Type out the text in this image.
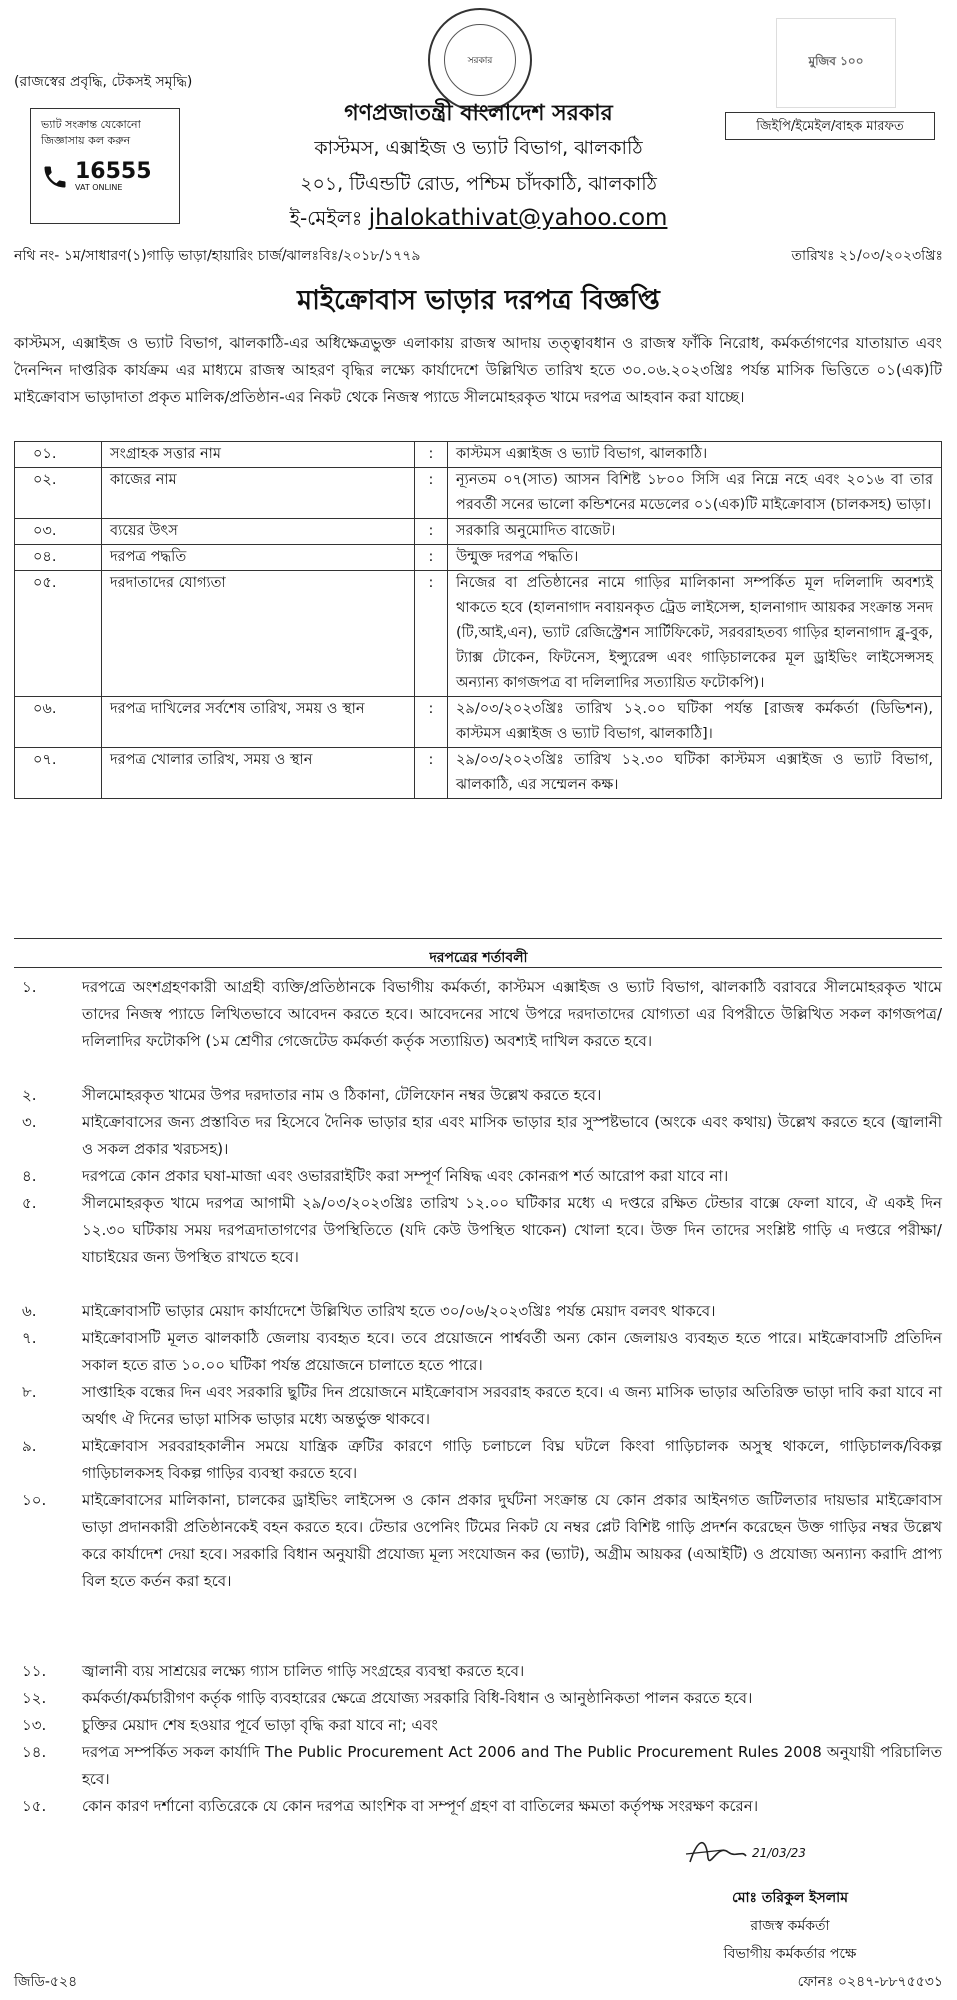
(রাজস্বের প্রবৃদ্ধি, টেকসই সমৃদ্ধি)
ভ্যাট সংক্রান্ত যেকোনো
জিজ্ঞাসায় কল করুন
16555
VAT ONLINE
সরকার	মুজিব ১০০
জিইপি/ইমেইল/বাহক মারফত
গণপ্রজাতন্ত্রী বাংলাদেশ সরকার
কাস্টমস, এক্সাইজ ও ভ্যাট বিভাগ, ঝালকাঠি
২০১, টিএন্ডটি রোড, পশ্চিম চাঁদকাঠি, ঝালকাঠি
ই-মেইলঃ jhalokathivat@yahoo.com
নথি নং- ১ম/সাধারণ(১)গাড়ি ভাড়া/হায়ারিং চার্জ/ঝালঃবিঃ/২০১৮/১৭৭৯	তারিখঃ ২১/০৩/২০২৩খ্রিঃ
মাইক্রোবাস ভাড়ার দরপত্র বিজ্ঞপ্তি
কাস্টমস, এক্সাইজ ও ভ্যাট বিভাগ, ঝালকাঠি-এর অধিক্ষেত্রভুক্ত এলাকায় রাজস্ব আদায় তত্ত্বাবধান ও রাজস্ব ফাঁকি নিরোধ, কর্মকর্তাগণের যাতায়াত এবং দৈনন্দিন দাপ্তরিক কার্যক্রম এর মাধ্যমে রাজস্ব আহরণ বৃদ্ধির লক্ষ্যে কার্যাদেশে উল্লিখিত তারিখ হতে ৩০.০৬.২০২৩খ্রিঃ পর্যন্ত মাসিক ভিত্তিতে ০১(এক)টি মাইক্রোবাস ভাড়াদাতা প্রকৃত মালিক/প্রতিষ্ঠান-এর নিকট থেকে নিজস্ব প্যাডে সীলমোহরকৃত খামে দরপত্র আহবান করা যাচ্ছে।
০১.	সংগ্রাহক সত্তার নাম	:	কাস্টমস এক্সাইজ ও ভ্যাট বিভাগ, ঝালকাঠি।
০২.	কাজের নাম	:	ন্যূনতম ০৭(সাত) আসন বিশিষ্ট ১৮০০ সিসি এর নিম্নে নহে এবং ২০১৬ বা তার পরবর্তী সনের ভালো কন্ডিশনের মডেলের ০১(এক)টি মাইক্রোবাস (চালকসহ) ভাড়া।
০৩.	ব্যয়ের উৎস	:	সরকারি অনুমোদিত বাজেট।
০৪.	দরপত্র পদ্ধতি	:	উন্মুক্ত দরপত্র পদ্ধতি।
০৫.	দরদাতাদের যোগ্যতা	:	নিজের বা প্রতিষ্ঠানের নামে গাড়ির মালিকানা সম্পর্কিত মূল দলিলাদি অবশ্যই থাকতে হবে (হালনাগাদ নবায়নকৃত ট্রেড লাইসেন্স, হালনাগাদ আয়কর সংক্রান্ত সনদ (টি,আই,এন), ভ্যাট রেজিস্ট্রেশন সার্টিফিকেট, সরবরাহতব্য গাড়ির হালনাগাদ ব্লু-বুক, ট্যাক্স টোকেন, ফিটনেস, ইন্স্যুরেন্স এবং গাড়িচালকের মূল ড্রাইভিং লাইসেন্সসহ অন্যান্য কাগজপত্র বা দলিলাদির সত্যায়িত ফটোকপি)।
০৬.	দরপত্র দাখিলের সর্বশেষ তারিখ, সময় ও স্থান	:	২৯/০৩/২০২৩খ্রিঃ তারিখ ১২.০০ ঘটিকা পর্যন্ত [রাজস্ব কর্মকর্তা (ডিভিশন), কাস্টমস এক্সাইজ ও ভ্যাট বিভাগ, ঝালকাঠি]।
০৭.	দরপত্র খোলার তারিখ, সময় ও স্থান	:	২৯/০৩/২০২৩খ্রিঃ তারিখ ১২.৩০ ঘটিকা কাস্টমস এক্সাইজ ও ভ্যাট বিভাগ, ঝালকাঠি, এর সম্মেলন কক্ষ।
দরপত্রের শর্তাবলী
১.	দরপত্রে অংশগ্রহণকারী আগ্রহী ব্যক্তি/প্রতিষ্ঠানকে বিভাগীয় কর্মকর্তা, কাস্টমস এক্সাইজ ও ভ্যাট বিভাগ, ঝালকাঠি বরাবরে সীলমোহরকৃত খামে তাদের নিজস্ব প্যাডে লিখিতভাবে আবেদন করতে হবে। আবেদনের সাথে উপরে দরদাতাদের যোগ্যতা এর বিপরীতে উল্লিখিত সকল কাগজপত্র/দলিলাদির ফটোকপি (১ম শ্রেণীর গেজেটেড কর্মকর্তা কর্তৃক সত্যায়িত) অবশ্যই দাখিল করতে হবে।
২.	সীলমোহরকৃত খামের উপর দরদাতার নাম ও ঠিকানা, টেলিফোন নম্বর উল্লেখ করতে হবে।
৩.	মাইক্রোবাসের জন্য প্রস্তাবিত দর হিসেবে দৈনিক ভাড়ার হার এবং মাসিক ভাড়ার হার সুস্পষ্টভাবে (অংকে এবং কথায়) উল্লেখ করতে হবে (জ্বালানী ও সকল প্রকার খরচসহ)।
৪.	দরপত্রে কোন প্রকার ঘষা-মাজা এবং ওভাররাইটিং করা সম্পূর্ণ নিষিদ্ধ এবং কোনরূপ শর্ত আরোপ করা যাবে না।
৫.	সীলমোহরকৃত খামে দরপত্র আগামী ২৯/০৩/২০২৩খ্রিঃ তারিখ ১২.০০ ঘটিকার মধ্যে এ দপ্তরে রক্ষিত টেন্ডার বাক্সে ফেলা যাবে, ঐ একই দিন ১২.৩০ ঘটিকায় সময় দরপত্রদাতাগণের উপস্থিতিতে (যদি কেউ উপস্থিত থাকেন) খোলা হবে। উক্ত দিন তাদের সংশ্লিষ্ট গাড়ি এ দপ্তরে পরীক্ষা/যাচাইয়ের জন্য উপস্থিত রাখতে হবে।
৬.	মাইক্রোবাসটি ভাড়ার মেয়াদ কার্যাদেশে উল্লিখিত তারিখ হতে ৩০/০৬/২০২৩খ্রিঃ পর্যন্ত মেয়াদ বলবৎ থাকবে।
৭.	মাইক্রোবাসটি মূলত ঝালকাঠি জেলায় ব্যবহৃত হবে। তবে প্রয়োজনে পার্শ্ববর্তী অন্য কোন জেলায়ও ব্যবহৃত হতে পারে। মাইক্রোবাসটি প্রতিদিন সকাল হতে রাত ১০.০০ ঘটিকা পর্যন্ত প্রয়োজনে চালাতে হতে পারে।
৮.	সাপ্তাহিক বন্ধের দিন এবং সরকারি ছুটির দিন প্রয়োজনে মাইক্রোবাস সরবরাহ করতে হবে। এ জন্য মাসিক ভাড়ার অতিরিক্ত ভাড়া দাবি করা যাবে না অর্থাৎ ঐ দিনের ভাড়া মাসিক ভাড়ার মধ্যে অন্তর্ভুক্ত থাকবে।
৯.	মাইক্রোবাস সরবরাহকালীন সময়ে যান্ত্রিক ত্রুটির কারণে গাড়ি চলাচলে বিঘ্ন ঘটলে কিংবা গাড়িচালক অসুস্থ থাকলে, গাড়িচালক/বিকল্প গাড়িচালকসহ বিকল্প গাড়ির ব্যবস্থা করতে হবে।
১০.	মাইক্রোবাসের মালিকানা, চালকের ড্রাইভিং লাইসেন্স ও কোন প্রকার দুর্ঘটনা সংক্রান্ত যে কোন প্রকার আইনগত জটিলতার দায়ভার মাইক্রোবাস ভাড়া প্রদানকারী প্রতিষ্ঠানকেই বহন করতে হবে। টেন্ডার ওপেনিং টিমের নিকট যে নম্বর প্লেট বিশিষ্ট গাড়ি প্রদর্শন করেছেন উক্ত গাড়ির নম্বর উল্লেখ করে কার্যাদেশ দেয়া হবে। সরকারি বিধান অনুযায়ী প্রযোজ্য মূল্য সংযোজন কর (ভ্যাট), অগ্রীম আয়কর (এআইটি) ও প্রযোজ্য অন্যান্য করাদি প্রাপ্য বিল হতে কর্তন করা হবে।
১১.	জ্বালানী ব্যয় সাশ্রয়ের লক্ষ্যে গ্যাস চালিত গাড়ি সংগ্রহের ব্যবস্থা করতে হবে।
১২.	কর্মকর্তা/কর্মচারীগণ কর্তৃক গাড়ি ব্যবহারের ক্ষেত্রে প্রযোজ্য সরকারি বিধি-বিধান ও আনুষ্ঠানিকতা পালন করতে হবে।
১৩.	চুক্তির মেয়াদ শেষ হওয়ার পূর্বে ভাড়া বৃদ্ধি করা যাবে না; এবং
১৪.	দরপত্র সম্পর্কিত সকল কার্যাদি The Public Procurement Act 2006 and The Public Procurement Rules 2008 অনুযায়ী পরিচালিত হবে।
১৫.	কোন কারণ দর্শানো ব্যতিরেকে যে কোন দরপত্র আংশিক বা সম্পূর্ণ গ্রহণ বা বাতিলের ক্ষমতা কর্তৃপক্ষ সংরক্ষণ করেন।
21/03/23
মোঃ তরিকুল ইসলাম
রাজস্ব কর্মকর্তা
বিভাগীয় কর্মকর্তার পক্ষে
ফোনঃ ০২৪৭-৮৮৭৫৫৩১
জিডি-৫২৪
